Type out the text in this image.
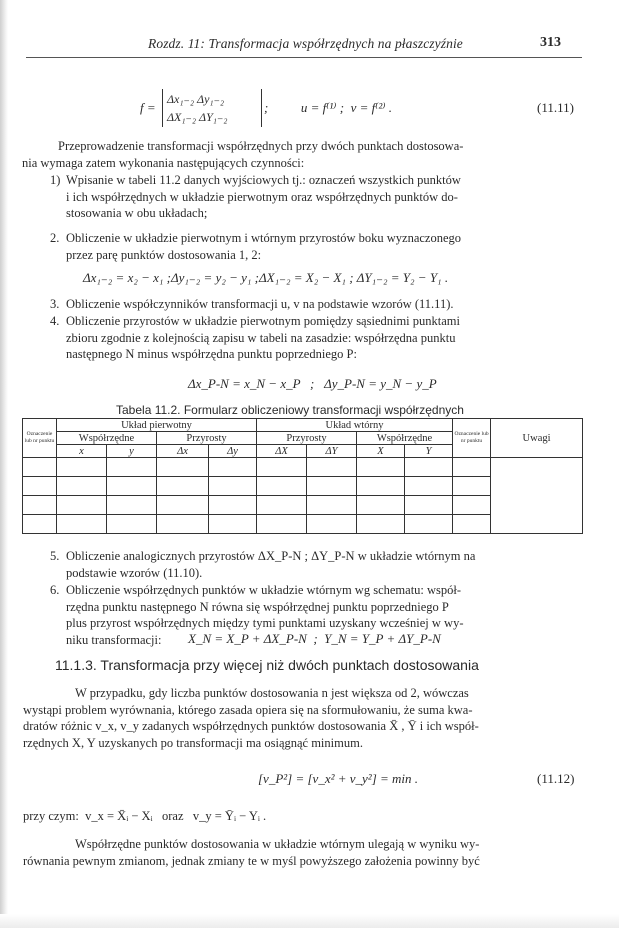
Rozdz. 11: Transformacja współrzędnych na płaszczyźnie	313
f =
Δx₁₋₂ Δy₁₋₂
ΔX₁₋₂ ΔY₁₋₂
;          u = f⁽¹⁾ ;  v = f⁽²⁾ .	(11.11)
Przeprowadzenie transformacji współrzędnych przy dwóch punktach dostosowa-
nia wymaga zatem wykonania następujących czynności:
1) Wpisanie w tabeli 11.2 danych wyjściowych tj.: oznaczeń wszystkich punktów
i ich współrzędnych w układzie pierwotnym oraz współrzędnych punktów do-
stosowania w obu układach;
2. Obliczenie w układzie pierwotnym i wtórnym przyrostów boku wyznaczonego
przez parę punktów dostosowania 1, 2:
Δx₁₋₂ = x₂ − x₁ ;Δy₁₋₂ = y₂ − y₁ ;ΔX₁₋₂ = X₂ − X₁ ; ΔY₁₋₂ = Y₂ − Y₁ .
3. Obliczenie współczynników transformacji u, v na podstawie wzorów (11.11).
4. Obliczenie przyrostów w układzie pierwotnym pomiędzy sąsiednimi punktami
zbioru zgodnie z kolejnością zapisu w tabeli na zasadzie: współrzędna punktu
następnego N minus współrzędna punktu poprzedniego P:
Δx_P-N = x_N − x_P   ;   Δy_P-N = y_N − y_P
Tabela 11.2. Formularz obliczeniowy transformacji współrzędnych
Oznaczenie lub nr punktu	Układ pierwotny				Układ wtórny				Oznaczenie lub nr punktu	Uwagi
	Współrzędne		Przyrosty		Przyrosty		Współrzędne			
	x	y	Δx	Δy	ΔX	ΔY	X	Y		

5. Obliczenie analogicznych przyrostów ΔX_P-N ; ΔY_P-N w układzie wtórnym na
podstawie wzorów (11.10).
6. Obliczenie współrzędnych punktów w układzie wtórnym wg schematu: współ-
rzędna punktu następnego N równa się współrzędnej punktu poprzedniego P
plus przyrost współrzędnych między tymi punktami uzyskany wcześniej w wy-
niku transformacji:	X_N = X_P + ΔX_P-N  ;  Y_N = Y_P + ΔY_P-N
11.1.3. Transformacja przy więcej niż dwóch punktach dostosowania
W przypadku, gdy liczba punktów dostosowania n jest większa od 2, wówczas
wystąpi problem wyrównania, którego zasada opiera się na sformułowaniu, że suma kwa-
dratów różnic v_x, v_y zadanych współrzędnych punktów dostosowania X̄ , Ȳ i ich współ-
rzędnych X, Y uzyskanych po transformacji ma osiągnąć minimum.
[v_P²] = [v_x² + v_y²] = min .	(11.12)
przy czym:  v_x = X̄ᵢ − Xᵢ   oraz   v_y = Ȳᵢ − Yᵢ .
Współrzędne punktów dostosowania w układzie wtórnym ulegają w wyniku wy-
równania pewnym zmianom, jednak zmiany te w myśl powyższego założenia powinny być
